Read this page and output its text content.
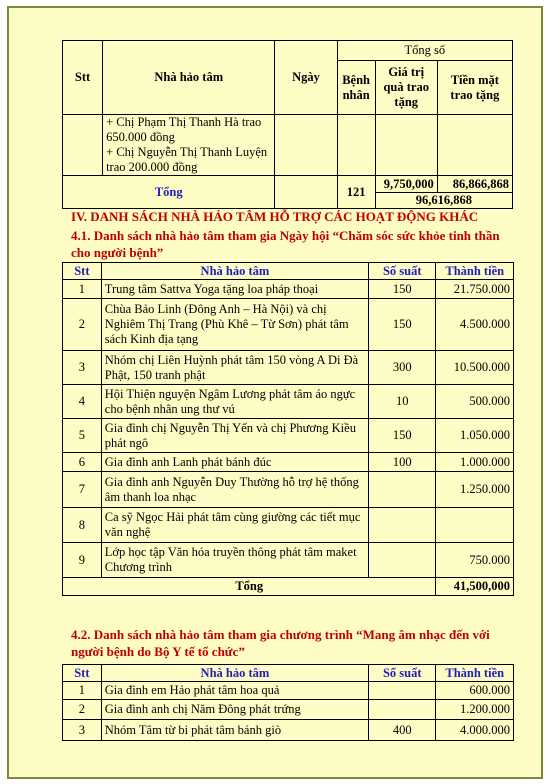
Stt	Nhà hảo tâm	Ngày	Tổng số		
			Bệnh nhân	Giá trị quà trao tặng	Tiền mặt trao tặng

	+ Chị Phạm Thị Thanh Hà trao 650.000 đồng
+ Chị Nguyễn Thị Thanh Luyện trao 200.000 đồng				

Tổng			121	9,750,000	86,866,868
				96,616,868	
IV. DANH SÁCH NHÀ HẢO TÂM HỖ TRỢ CÁC HOẠT ĐỘNG KHÁC
4.1. Danh sách nhà hảo tâm tham gia Ngày hội “Chăm sóc sức khỏe tinh thần cho người bệnh”
Stt	Nhà hảo tâm	Số suất	Thành tiền
1	Trung tâm Sattva Yoga tặng loa pháp thoại	150	21.750.000
2	Chùa Bảo Linh (Đông Anh – Hà Nội) và chị Nghiêm Thị Trang (Phù Khê – Từ Sơn) phát tâm sách Kinh địa tạng	150	4.500.000
3	Nhóm chị Liên Huỳnh phát tâm 150 vòng A Di Đà Phật, 150 tranh phật	300	10.500.000
4	Hội Thiện nguyện Ngâm Lương phát tâm áo ngực cho bệnh nhân ung thư vú	10	500.000
5	Gia đình chị Nguyễn Thị Yến và chị Phương Kiều phát ngô	150	1.050.000
6	Gia đình anh Lanh phát bánh đúc	100	1.000.000
7	Gia đình anh Nguyễn Duy Thường hỗ trợ hệ thống âm thanh loa nhạc		1.250.000
8	Ca sỹ Ngọc Hải phát tâm cùng giường các tiết mục văn nghệ		
9	Lớp học tập Văn hóa truyền thông phát tâm maket Chương trình		750.000
Tổng			41,500,000
4.2. Danh sách nhà hảo tâm tham gia chương trình “Mang âm nhạc đến với người bệnh do Bộ Y tế tổ chức”
Stt	Nhà hảo tâm	Số suất	Thành tiền
1	Gia đình em Hảo phát tâm hoa quả		600.000
2	Gia đình anh chị Năm Đông phát trứng		1.200.000
3	Nhóm Tâm từ bi phát tâm bánh giò	400	4.000.000
